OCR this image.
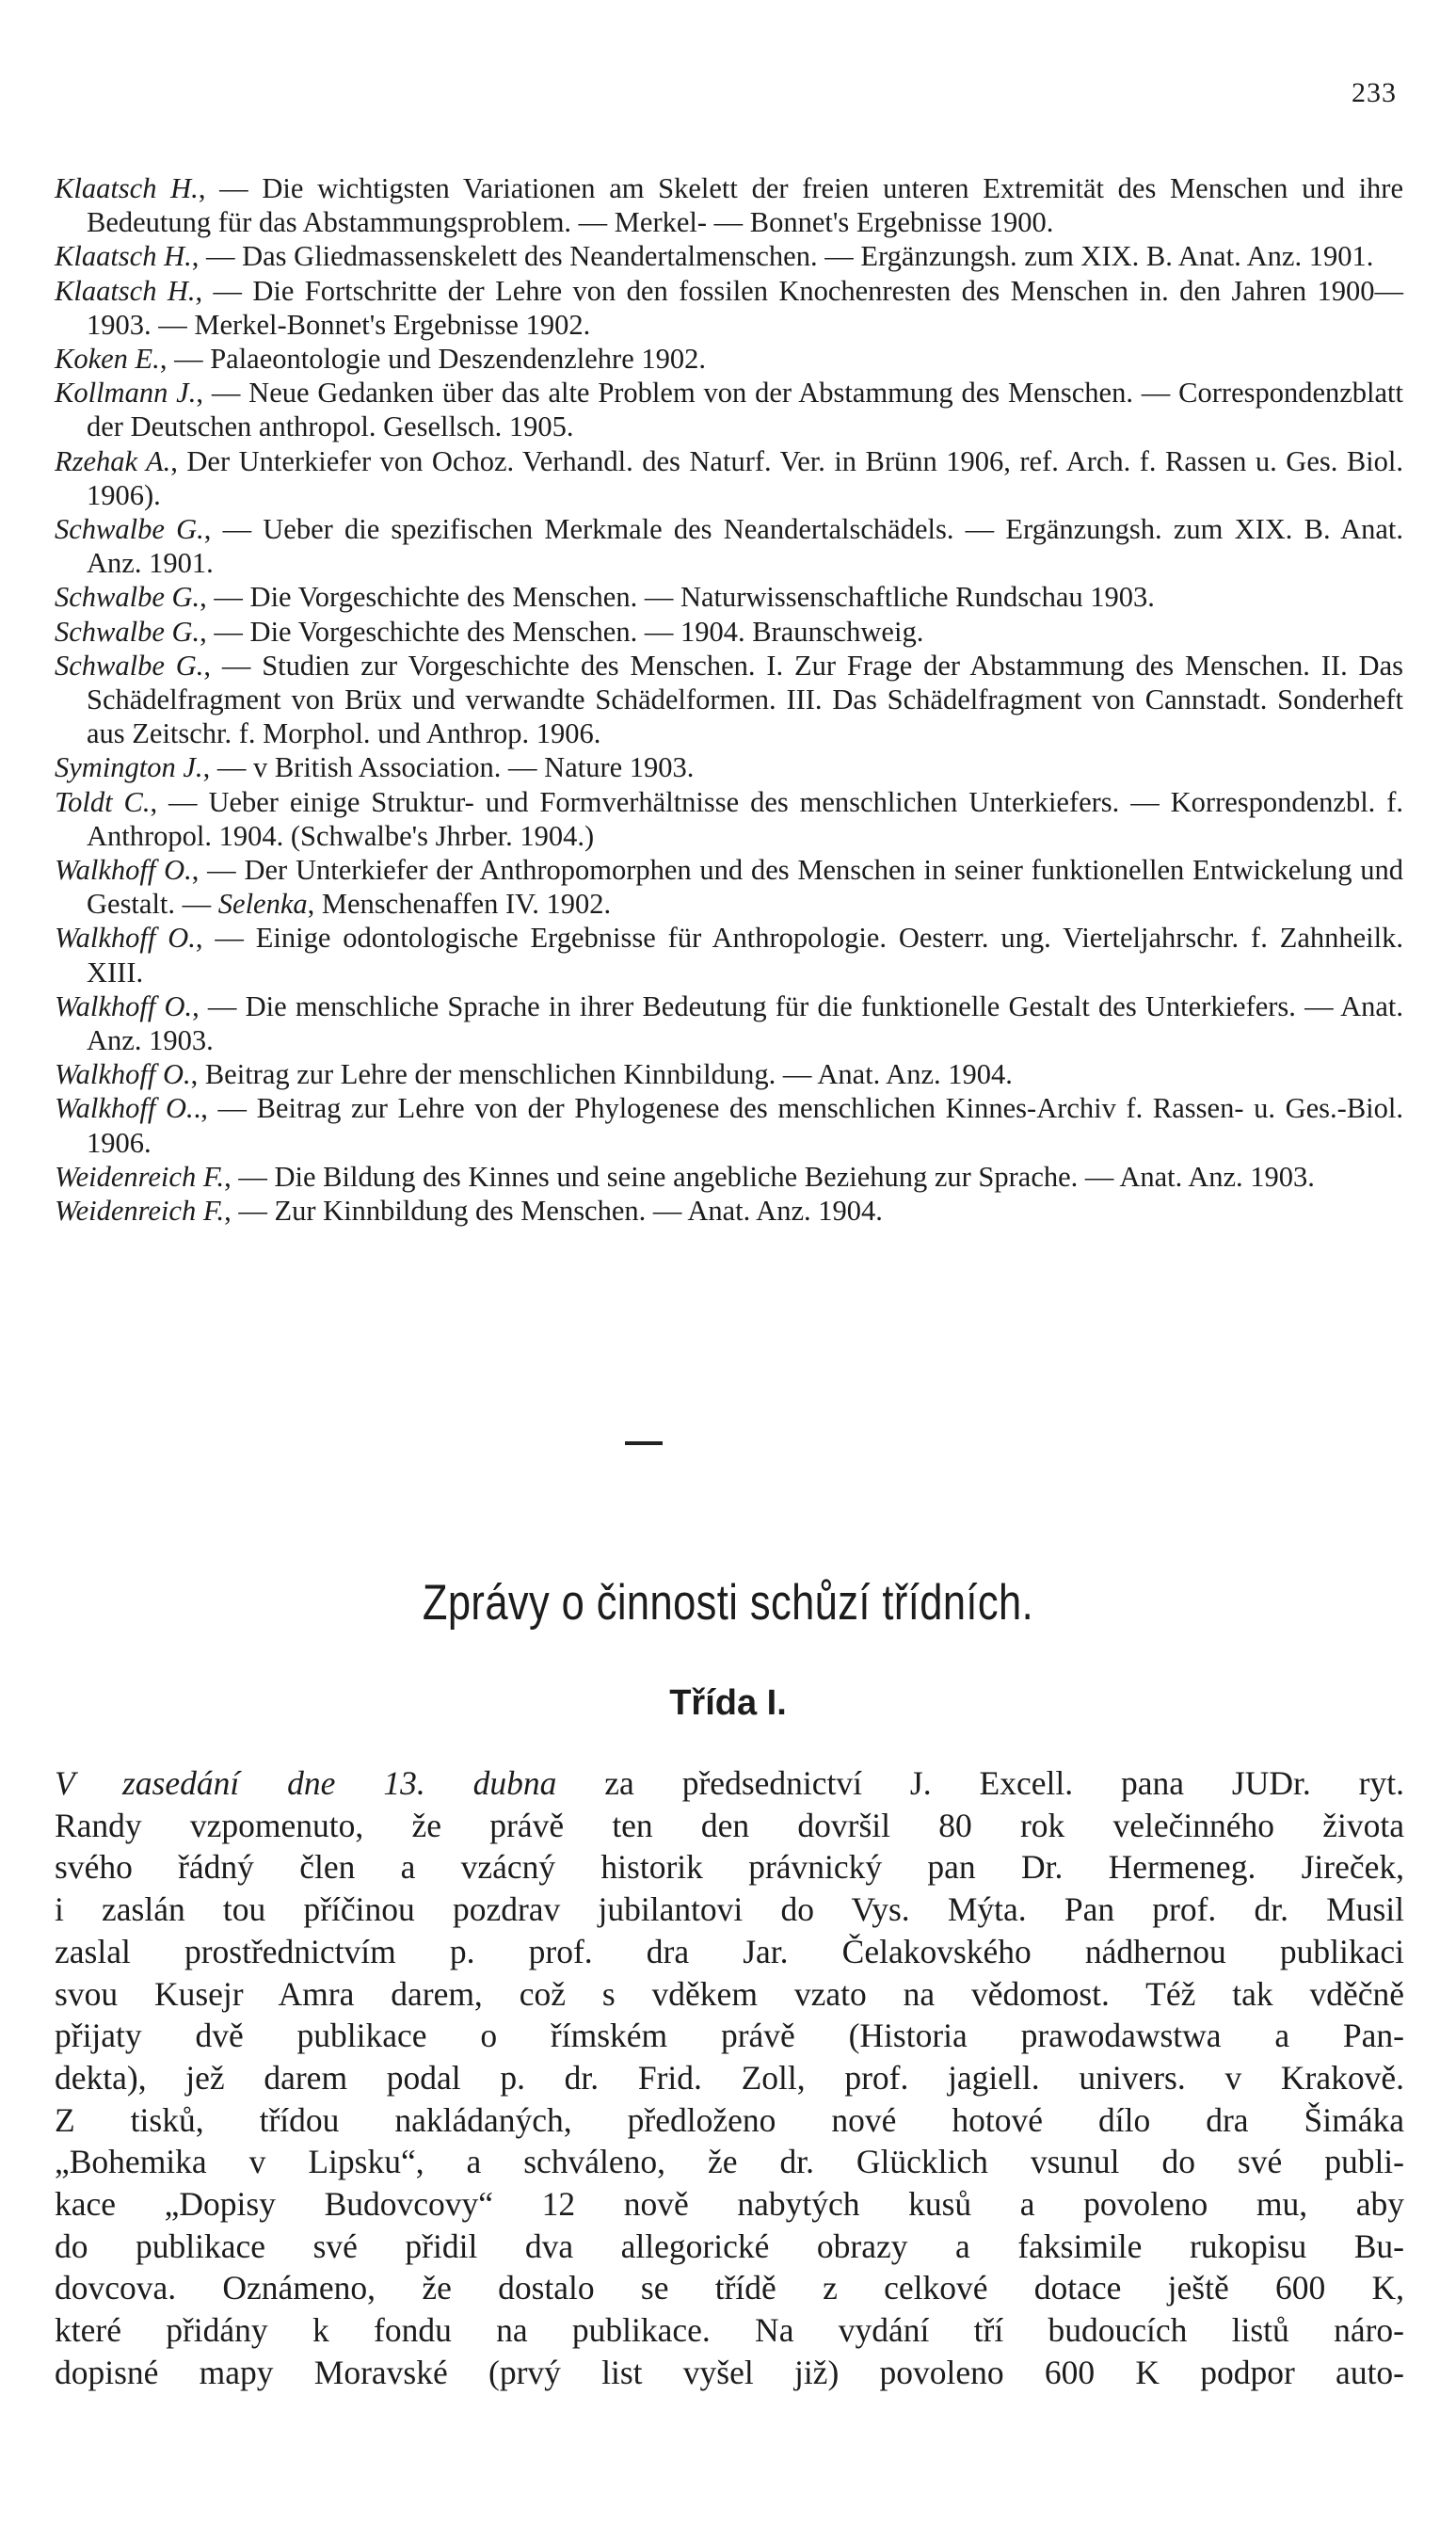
233

Klaatsch H., — Die wichtigsten Variationen am Skelett der freien unteren Extremität des Menschen und ihre Bedeutung für das Abstammungsproblem. — Merkel- — Bonnet's Ergebnisse 1900.

Klaatsch H., — Das Gliedmassenskelett des Neandertalmenschen. — Ergänzungsh. zum XIX. B. Anat. Anz. 1901.

Klaatsch H., — Die Fortschritte der Lehre von den fossilen Knochenresten des Menschen in. den Jahren 1900—1903. — Merkel-Bonnet's Ergebnisse 1902.

Koken E., — Palaeontologie und Deszendenzlehre 1902.

Kollmann J., — Neue Gedanken über das alte Problem von der Abstammung des Menschen. — Correspondenzblatt der Deutschen anthropol. Gesellsch. 1905.

Rzehak A., Der Unterkiefer von Ochoz. Verhandl. des Naturf. Ver. in Brünn 1906, ref. Arch. f. Rassen u. Ges. Biol. 1906).

Schwalbe G., — Ueber die spezifischen Merkmale des Neandertalschädels. — Ergänzungsh. zum XIX. B. Anat. Anz. 1901.

Schwalbe G., — Die Vorgeschichte des Menschen. — Naturwissenschaftliche Rundschau 1903.

Schwalbe G., — Die Vorgeschichte des Menschen. — 1904. Braunschweig.

Schwalbe G., — Studien zur Vorgeschichte des Menschen. I. Zur Frage der Abstammung des Menschen. II. Das Schädelfragment von Brüx und verwandte Schädelformen. III. Das Schädelfragment von Cannstadt. Sonderheft aus Zeitschr. f. Morphol. und Anthrop. 1906.

Symington J., — v British Association. — Nature 1903.

Toldt C., — Ueber einige Struktur- und Formverhältnisse des menschlichen Unterkiefers. — Korrespondenzbl. f. Anthropol. 1904. (Schwalbe's Jhrber. 1904.)

Walkhoff O., — Der Unterkiefer der Anthropomorphen und des Menschen in seiner funktionellen Entwickelung und Gestalt. — Selenka, Menschenaffen IV. 1902.

Walkhoff O., — Einige odontologische Ergebnisse für Anthropologie. Oesterr. ung. Vierteljahrschr. f. Zahnheilk. XIII.

Walkhoff O., — Die menschliche Sprache in ihrer Bedeutung für die funktionelle Gestalt des Unterkiefers. — Anat. Anz. 1903.

Walkhoff O., Beitrag zur Lehre der menschlichen Kinnbildung. — Anat. Anz. 1904.

Walkhoff O.., — Beitrag zur Lehre von der Phylogenese des menschlichen Kinnes-Archiv f. Rassen- u. Ges.-Biol. 1906.

Weidenreich F., — Die Bildung des Kinnes und seine angebliche Beziehung zur Sprache. — Anat. Anz. 1903.

Weidenreich F., — Zur Kinnbildung des Menschen. — Anat. Anz. 1904.

Zprávy o činnosti schůzí třídních.
Třída I.
V zasedání dne 13. dubna za předsednictví J. Excell. pana JUDr. ryt.
Randy vzpomenuto, že právě ten den dovršil 80 rok velečinného života
svého řádný člen a vzácný historik právnický pan Dr. Hermeneg. Jireček,
i zaslán tou příčinou pozdrav jubilantovi do Vys. Mýta. Pan prof. dr. Musil
zaslal prostřednictvím p. prof. dra Jar. Čelakovského nádhernou publikaci
svou Kusejr Amra darem, což s vděkem vzato na vědomost. Též tak vděčně
přijaty dvě publikace o římském právě (Historia prawodawstwa a Pan-
dekta), jež darem podal p. dr. Frid. Zoll, prof. jagiell. univers. v Krakově.
Z tisků, třídou nakládaných, předloženo nové hotové dílo dra Šimáka
„Bohemika v Lipsku“, a schváleno, že dr. Glücklich vsunul do své publi-
kace „Dopisy Budovcovy“ 12 nově nabytých kusů a povoleno mu, aby
do publikace své přidil dva allegorické obrazy a faksimile rukopisu Bu-
dovcova. Oznámeno, že dostalo se třídě z celkové dotace ještě 600 K,
které přidány k fondu na publikace. Na vydání tří budoucích listů náro-
dopisné mapy Moravské (prvý list vyšel již) povoleno 600 K podpor auto-
